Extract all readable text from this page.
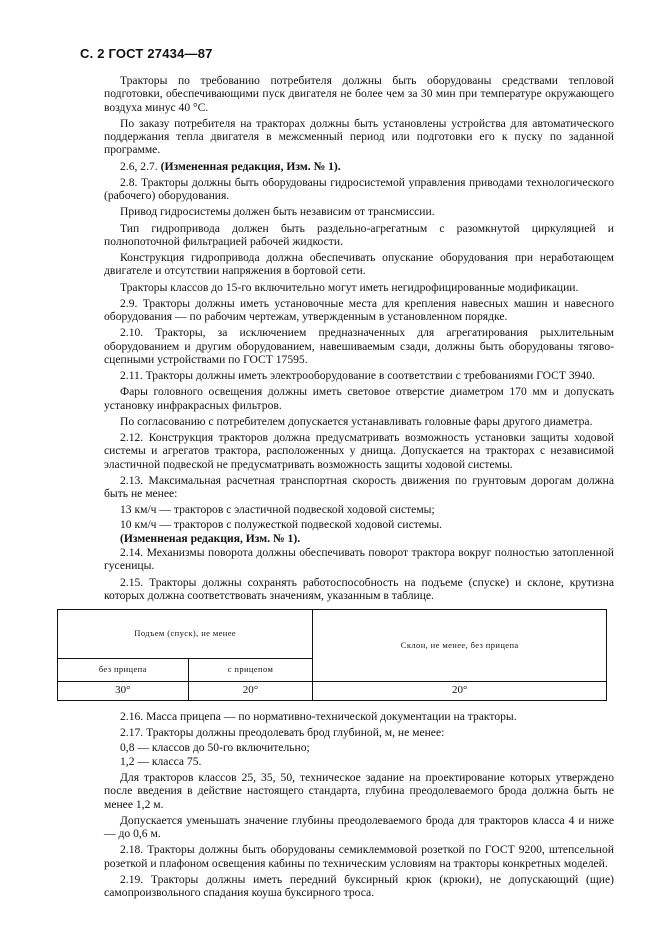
С. 2 ГОСТ 27434—87

Тракторы по требованию потребителя должны быть оборудованы средствами тепловой подготовки, обеспечивающими пуск двигателя не более чем за 30 мин при температуре окружающего воздуха минус 40 °С.

По заказу потребителя на тракторах должны быть установлены устройства для автоматического поддержания тепла двигателя в межсменный период или подготовки его к пуску по заданной программе.

2.6, 2.7. (Измененная редакция, Изм. № 1).

2.8. Тракторы должны быть оборудованы гидросистемой управления приводами технологического (рабочего) оборудования.

Привод гидросистемы должен быть независим от трансмиссии.

Тип гидропривода должен быть раздельно-агрегатным с разомкнутой циркуляцией и полнопоточной фильтрацией рабочей жидкости.

Конструкция гидропривода должна обеспечивать опускание оборудования при неработающем двигателе и отсутствии напряжения в бортовой сети.

Тракторы классов до 15-го включительно могут иметь негидрофицированные модификации.

2.9. Тракторы должны иметь установочные места для крепления навесных машин и навесного оборудования — по рабочим чертежам, утвержденным в установленном порядке.

2.10. Тракторы, за исключением предназначенных для агрегатирования рыхлительным оборудованием и другим оборудованием, навешиваемым сзади, должны быть оборудованы тягово-сцепными устройствами по ГОСТ 17595.

2.11. Тракторы должны иметь электрооборудование в соответствии с требованиями ГОСТ 3940.

Фары головного освещения должны иметь световое отверстие диаметром 170 мм и допускать установку инфракрасных фильтров.

По согласованию с потребителем допускается устанавливать головные фары другого диаметра.

2.12. Конструкция тракторов должна предусматривать возможность установки защиты ходовой системы и агрегатов трактора, расположенных у днища. Допускается на тракторах с независимой эластичной подвеской не предусматривать возможность защиты ходовой системы.

2.13. Максимальная расчетная транспортная скорость движения по грунтовым дорогам должна быть не менее:

13 км/ч — тракторов с эластичной подвеской ходовой системы;

10 км/ч — тракторов с полужесткой подвеской ходовой системы.

(Изменненая редакция, Изм. № 1).

2.14. Механизмы поворота должны обеспечивать поворот трактора вокруг полностью затопленной гусеницы.

2.15. Тракторы должны сохранять работоспособность на подъеме (спуске) и склоне, крутизна которых должна соответствовать значениям, указанным в таблице.

Подъем (спуск), не менее		Склон, не менее, без прицепа
без прицепа	с прицепом	
30°	20°	20°

2.16. Масса прицепа — по нормативно-технической документации на тракторы.

2.17. Тракторы должны преодолевать брод глубиной, м, не менее:

0,8 — классов до 50-го включительно;

1,2 — класса 75.

Для тракторов классов 25, 35, 50, техническое задание на проектирование которых утверждено после введения в действие настоящего стандарта, глубина преодолеваемого брода должна быть не менее 1,2 м.

Допускается уменьшать значение глубины преодолеваемого брода для тракторов класса 4 и ниже — до 0,6 м.

2.18. Тракторы должны быть оборудованы семиклеммовой розеткой по ГОСТ 9200, штепсельной розеткой и плафоном освещения кабины по техническим условиям на тракторы конкретных моделей.

2.19. Тракторы должны иметь передний буксирный крюк (крюки), не допускающий (щие) самопроизвольного спадания коуша буксирного троса.
